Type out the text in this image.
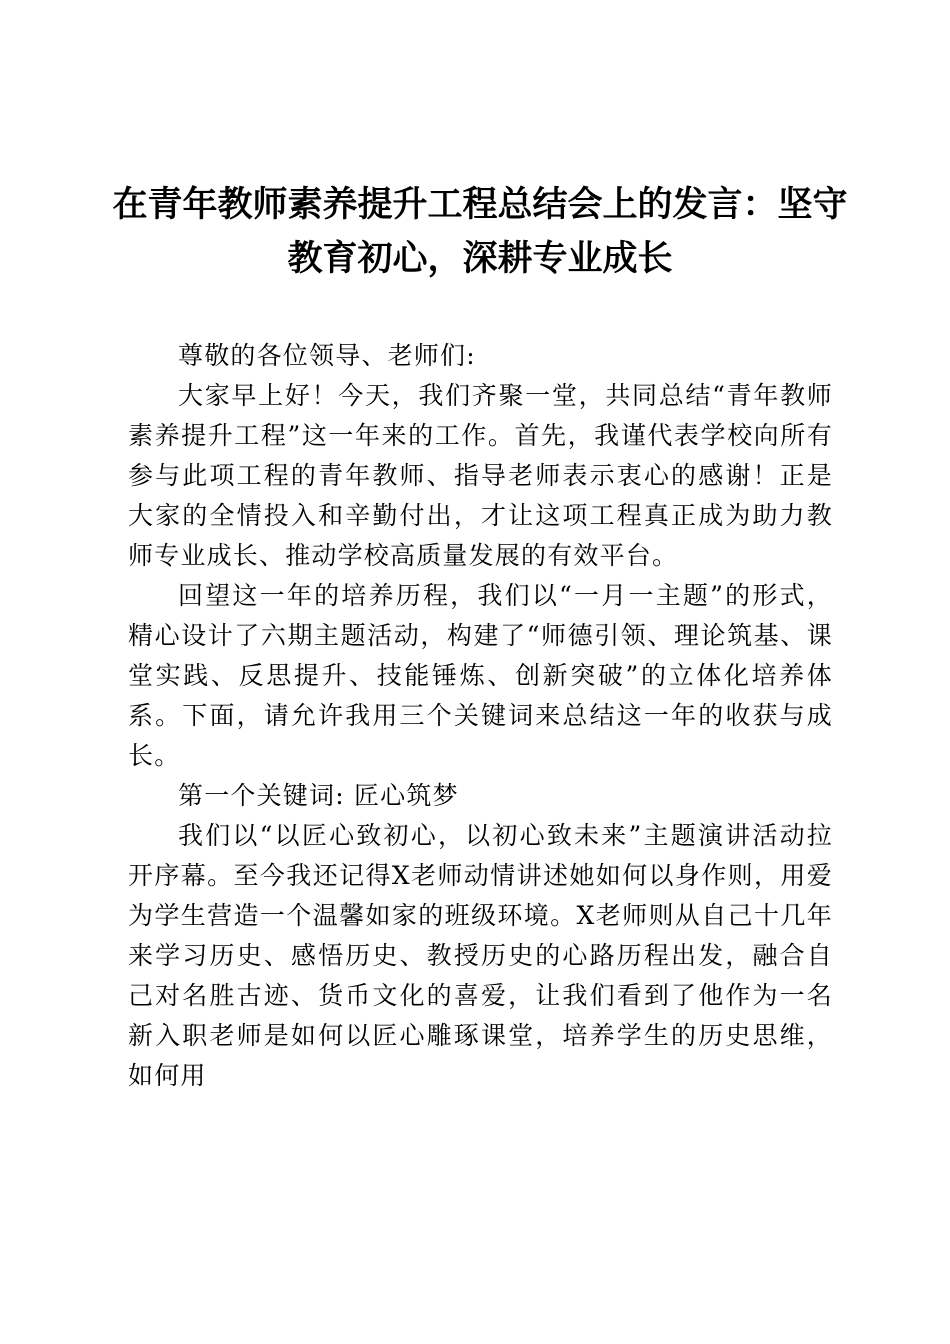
在青年教师素养提升工程总结会上的发言：坚守教育初心，深耕专业成长

尊敬的各位领导、老师们:

大家早上好！今天，我们齐聚一堂，共同总结“青年教师素养提升工程”这一年来的工作。首先，我谨代表学校向所有参与此项工程的青年教师、指导老师表示衷心的感谢！正是大家的全情投入和辛勤付出，才让这项工程真正成为助力教师专业成长、推动学校高质量发展的有效平台。

回望这一年的培养历程，我们以“一月一主题”的形式，精心设计了六期主题活动，构建了“师德引领、理论筑基、课堂实践、反思提升、技能锤炼、创新突破”的立体化培养体系。下面，请允许我用三个关键词来总结这一年的收获与成长。

第一个关键词: 匠心筑梦

我们以“以匠心致初心，以初心致未来”主题演讲活动拉开序幕。至今我还记得X老师动情讲述她如何以身作则，用爱为学生营造一个温馨如家的班级环境。X老师则从自己十几年来学习历史、感悟历史、教授历史的心路历程出发，融合自己对名胜古迹、货币文化的喜爱，让我们看到了他作为一名新入职老师是如何以匠心雕琢课堂，培养学生的历史思维，如何用
